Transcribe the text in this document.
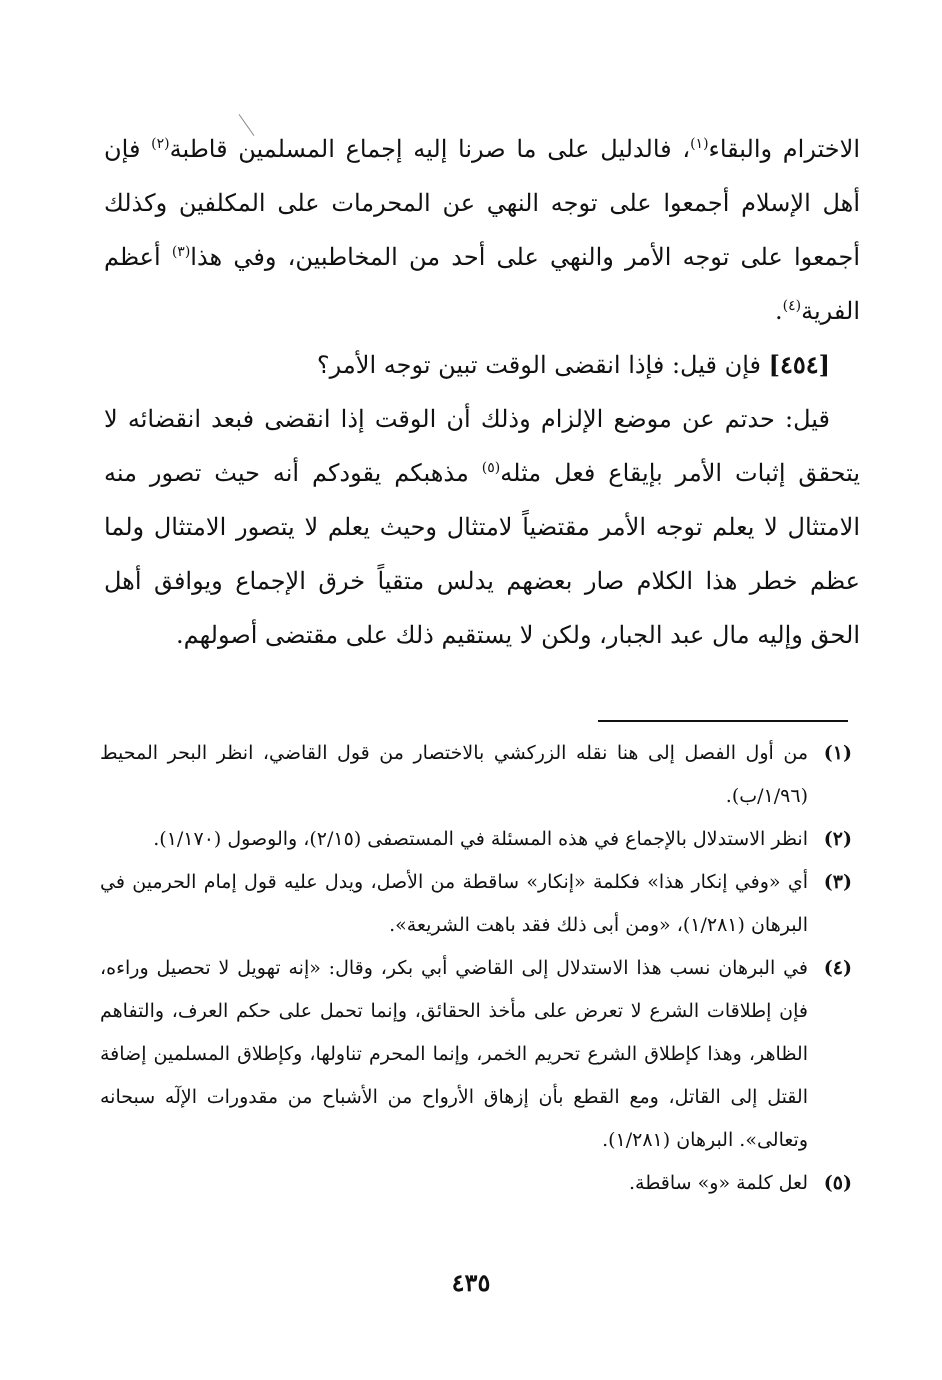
الاخترام والبقاء$^{(١)}$، فالدليل على ما صرنا إليه إجماع المسلمين قاطبة$^{(٢)}$ فإن أهل الإسلام أجمعوا على توجه النهي عن المحرمات على المكلفين وكذلك أجمعوا على توجه الأمر والنهي على أحد من المخاطبين، وفي هذا$^{(٣)}$ أعظم الفرية$^{(٤)}$.

[٤٥٤] فإن قيل: فإذا انقضى الوقت تبين توجه الأمر؟

قيل: حدتم عن موضع الإلزام وذلك أن الوقت إذا انقضى فبعد انقضائه لا يتحقق إثبات الأمر بإيقاع فعل مثله$^{(٥)}$ مذهبكم يقودكم أنه حيث تصور منه الامتثال لا يعلم توجه الأمر مقتضياً لامتثال وحيث يعلم لا يتصور الامتثال ولما عظم خطر هذا الكلام صار بعضهم يدلس متقياً خرق الإجماع ويوافق أهل الحق وإليه مال عبد الجبار، ولكن لا يستقيم ذلك على مقتضى أصولهم.

(١)
من أول الفصل إلى هنا نقله الزركشي بالاختصار من قول القاضي، انظر البحر المحيط (١/٩٦/ب).
(٢)
انظر الاستدلال بالإجماع في هذه المسئلة في المستصفى (٢/١٥)، والوصول (١/١٧٠).
(٣)
أي «وفي إنكار هذا» فكلمة «إنكار» ساقطة من الأصل، ويدل عليه قول إمام الحرمين في البرهان (١/٢٨١)، «ومن أبى ذلك فقد باهت الشريعة».
(٤)
في البرهان نسب هذا الاستدلال إلى القاضي أبي بكر، وقال: «إنه تهويل لا تحصيل وراءه، فإن إطلاقات الشرع لا تعرض على مأخذ الحقائق، وإنما تحمل على حكم العرف، والتفاهم الظاهر، وهذا كإطلاق الشرع تحريم الخمر، وإنما المحرم تناولها، وكإطلاق المسلمين إضافة القتل إلى القاتل، ومع القطع بأن إزهاق الأرواح من الأشباح من مقدورات الإلٓه سبحانه وتعالى». البرهان (١/٢٨١).
(٥)
لعل كلمة «و» ساقطة.
٤٣٥
